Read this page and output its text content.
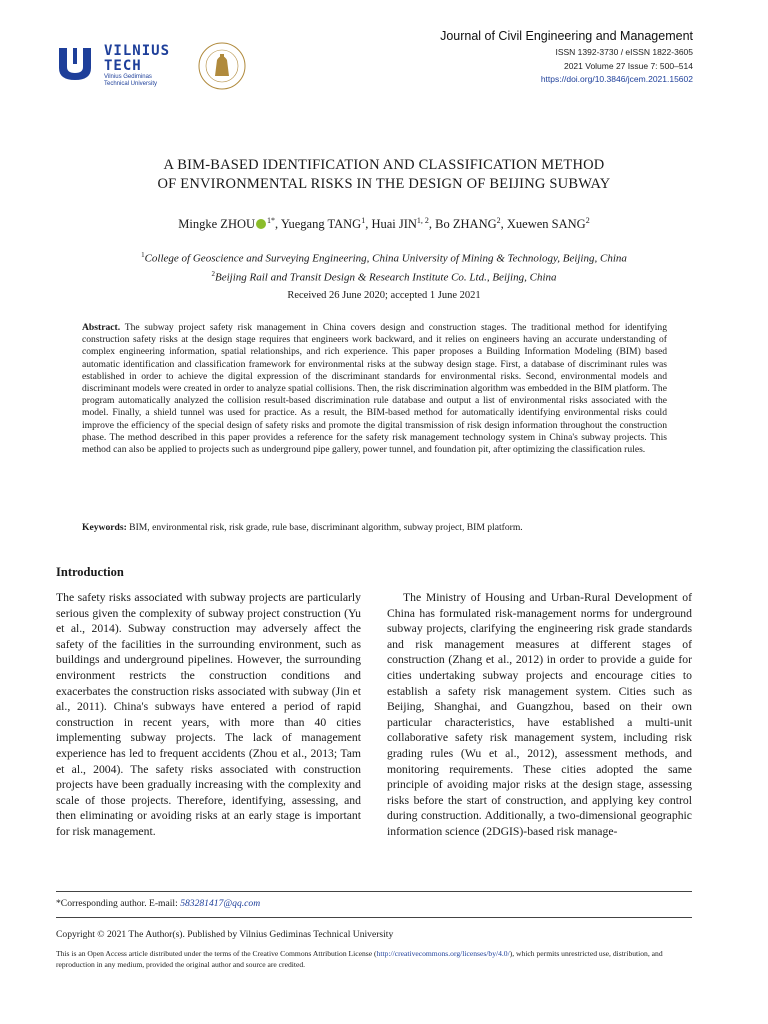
VILNIUS
TECH
Vilnius Gediminas
Technical University
Journal of Civil Engineering and Management
ISSN 1392-3730 / eISSN 1822-3605
2021 Volume 27 Issue 7: 500–514
https://doi.org/10.3846/jcem.2021.15602
A BIM-BASED IDENTIFICATION AND CLASSIFICATION METHOD
OF ENVIRONMENTAL RISKS IN THE DESIGN OF BEIJING SUBWAY
Mingke ZHOU $^{1*}$, Yuegang TANG$^1$, Huai JIN$^{1, 2}$, Bo ZHANG$^2$, Xuewen SANG$^2$
$^1$College of Geoscience and Surveying Engineering, China University of Mining & Technology, Beijing, China
$^2$Beijing Rail and Transit Design & Research Institute Co. Ltd., Beijing, China
Received 26 June 2020; accepted 1 June 2021
Abstract. The subway project safety risk management in China covers design and construction stages. The traditional method for identifying construction safety risks at the design stage requires that engineers work backward, and it relies on engineers having an accurate understanding of complex engineering information, spatial relationships, and rich experience. This paper proposes a Building Information Modeling (BIM) based automatic identification and classification framework for environmental risks at the subway design stage. First, a database of discriminant rules was established in order to achieve the digital expression of the discriminant standards for environmental risks. Second, environmental models and discriminant models were created in order to analyze spatial collisions. Then, the risk discrimination algorithm was embedded in the BIM platform. The program automatically analyzed the collision result-based discrimination rule database and output a list of environmental risks associated with the model. Finally, a shield tunnel was used for practice. As a result, the BIM-based method for automatically identifying environmental risks could improve the efficiency of the special design of safety risks and promote the digital transmission of risk design information throughout the construction phase. The method described in this paper provides a reference for the safety risk management technology system in China's subway projects. This method can also be applied to projects such as underground pipe gallery, power tunnel, and foundation pit, after optimizing the classification rules.
Keywords: BIM, environmental risk, risk grade, rule base, discriminant algorithm, subway project, BIM platform.
Introduction

The safety risks associated with subway projects are particularly serious given the complexity of subway project construction (Yu et al., 2014). Subway construction may adversely affect the safety of the facilities in the surrounding environment, such as buildings and underground pipelines. However, the surrounding environment restricts the construction conditions and exacerbates the construction risks associated with subway (Jin et al., 2011). China's subways have entered a period of rapid construction in recent years, with more than 40 cities implementing subway projects. The lack of management experience has led to frequent accidents (Zhou et al., 2013; Tam et al., 2004). The safety risks associated with construction projects have been gradually increasing with the complexity and scale of those projects. Therefore, identifying, assessing, and then eliminating or avoiding risks at an early stage is important for risk management.

The Ministry of Housing and Urban-Rural Development of China has formulated risk-management norms for underground subway projects, clarifying the engineering risk grade standards and risk management measures at different stages of construction (Zhang et al., 2012) in order to provide a guide for cities undertaking subway projects and encourage cities to establish a safety risk management system. Cities such as Beijing, Shanghai, and Guangzhou, based on their own particular characteristics, have established a multi-unit collaborative safety risk management system, including risk grading rules (Wu et al., 2012), assessment methods, and monitoring requirements. These cities adopted the same principle of avoiding major risks at the design stage, assessing risks before the start of construction, and applying key control during construction. Additionally, a two-dimensional geographic information science (2DGIS)-based risk manage-

*Corresponding author. E-mail: 583281417@qq.com
Copyright © 2021 The Author(s). Published by Vilnius Gediminas Technical University
This is an Open Access article distributed under the terms of the Creative Commons Attribution License (http://creativecommons.org/licenses/by/4.0/), which permits unrestricted use, distribution, and reproduction in any medium, provided the original author and source are credited.
